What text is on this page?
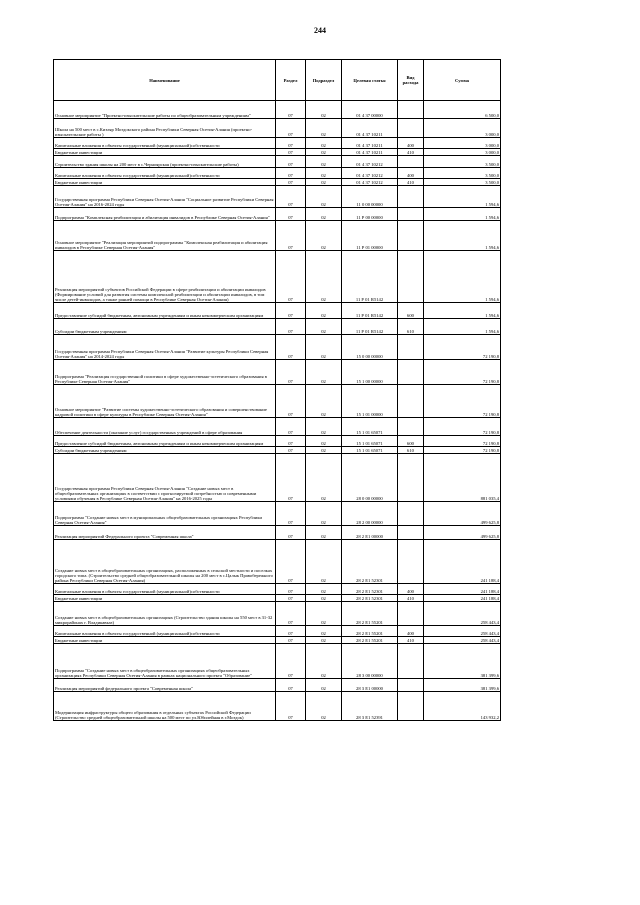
244
Наименование	Раздел	Подраздел	Целевая статья	Вид расхода	Сумма
Основное мероприятие "Проектно-изыскательские работы по общеобразовательным учреждениям"	07	02	01 4 37 00000		6 500,0
Школа на 500 мест в с.Кизляр Моздокского района Республики Северная Осетия-Алания (проектно-изыскательские работы )	07	02	01 4 37 10211		3 000,0
Капитальные вложения в объекты государственной (муниципальной)собственности	07	02	01 4 37 10211	400	3 000,0
Бюджетные инвестиции	07	02	01 4 37 10211	410	3 000,0
Строительство здания школы на 200 мест в с.Черноярская (проектно-изыскательские работы)	07	02	01 4 37 10212		3 500,0
Капитальные вложения в объекты государственной (муниципальной)собственности	07	02	01 4 37 10212	400	3 500,0
Бюджетные инвестиции	07	02	01 4 37 10212	410	3 500,0
Государственная программа Республики Северная Осетия-Алания "Социальное развитие Республики Северная Осетия-Алания" на 2016-2024 годы	07	02	11 0 00 00000		1 594,6
Подпрограмма "Комплексная реабилитация и абилитация инвалидов в Республике Северная Осетия-Алания"	07	02	11 Р 00 00000		1 594,6
Основное мероприятие "Реализация мероприятий подпрограммы "Комплексная реабилитация и абилитация инвалидов в Республике Северная Осетия-Алания"	07	02	11 Р 01 00000		1 594,6
Реализация мероприятий субъектов Российской Федерации в сфере реабилитации и абилитации инвалидов (Формирование условий для развития системы комплексной реабилитации и абилитации инвалидов, в том числе детей-инвалидов, а также ранней помощи в Республике Северная Осетия-Алания)	07	02	11 Р 01 R5142		1 594,6
Предоставление субсидий бюджетным, автономным учреждениям и иным некоммерческим организациям	07	02	11 Р 01 R5142	600	1 594,6
Субсидии бюджетным учреждениям	07	02	11 Р 01 R5142	610	1 594,6
Государственная программа Республики Северная Осетия-Алания "Развитие культуры Республики Северная Осетия-Алания" на 2014-2024 годы	07	02	15 0 00 00000		72 190,8
Подпрограмма "Реализация государственной политики в сфере художественно-эстетического образования в Республике Северная Осетия-Алания"	07	02	15 1 00 00000		72 190,8
Основное мероприятие "Развитие системы художественно-эстетического образования и совершенствование кадровой политики в сфере культуры в Республике Северная Осетия-Алания"	07	02	15 1 01 00000		72 190,8
Обеспечение деятельности (оказание услуг) государственных учреждений в сфере образования	07	02	15 1 01 65071		72 190,8
Предоставление субсидий бюджетным, автономным учреждениям и иным некоммерческим организациям	07	02	15 1 01 65071	600	72 190,8
Субсидии бюджетным учреждениям	07	02	15 1 01 65071	610	72 190,8
Государственная программа Республики Северная Осетия-Алания "Создание новых мест в общеобразовательных организациях в соответствии с прогнозируемой потребностью и современными условиями обучения в Республике Северная Осетия-Алания" на 2016-2025 годы	07	02	28 0 00 00000		881 035,4
Подпрограмма "Создание новых мест в муниципальных общеобразовательных организациях Республики Северная Осетия-Алания"	07	02	28 2 00 00000		499 625,8
Реализация мероприятий Федерального проекта "Современная школа"	07	02	28 2 E1 00000		499 625,8
Создание новых мест в общеобразовательных организациях, расположенных в сельской местности и поселках городского типа. (Строительство средней общеобразовательной школы на 200 мест в с.Цалык Правобережного района Республики Северная Осетия-Алания)	07	02	28 2 E1 52301		241 188,4
Капитальные вложения в объекты государственной (муниципальной)собственности	07	02	28 2 E1 52301	400	241 188,4
Бюджетные инвестиции	07	02	28 2 E1 52301	410	241 188,4
Создание новых мест в общеобразовательных организациях (Строительство здания школы на 550 мест в 31-32 микрорайонах г. Владикавказ)	07	02	28 2 E1 55201		258 443,4
Капитальные вложения в объекты государственной (муниципальной)собственности	07	02	28 2 E1 55201	400	258 443,4
Бюджетные инвестиции	07	02	28 2 E1 55201	410	258 443,4
Подпрограмма "Создание новых мест в общеобразовательных организациях общеобразовательных организациях Республики Северная Осетия-Алания в рамках национального проекта "Образование"	07	02	28 3 00 00000		381 399,6
Реализация мероприятий федерального проекта "Современная школа"	07	02	28 3 E1 00000		381 399,6
Модернизация инфраструктуры общего образования в отдельных субъектах Российской Федерации (Строительство средней общеобразовательной школы на 500 мест по ул.Юбилейная в г.Моздок)	07	02	28 3 E1 52391		143 932,2
